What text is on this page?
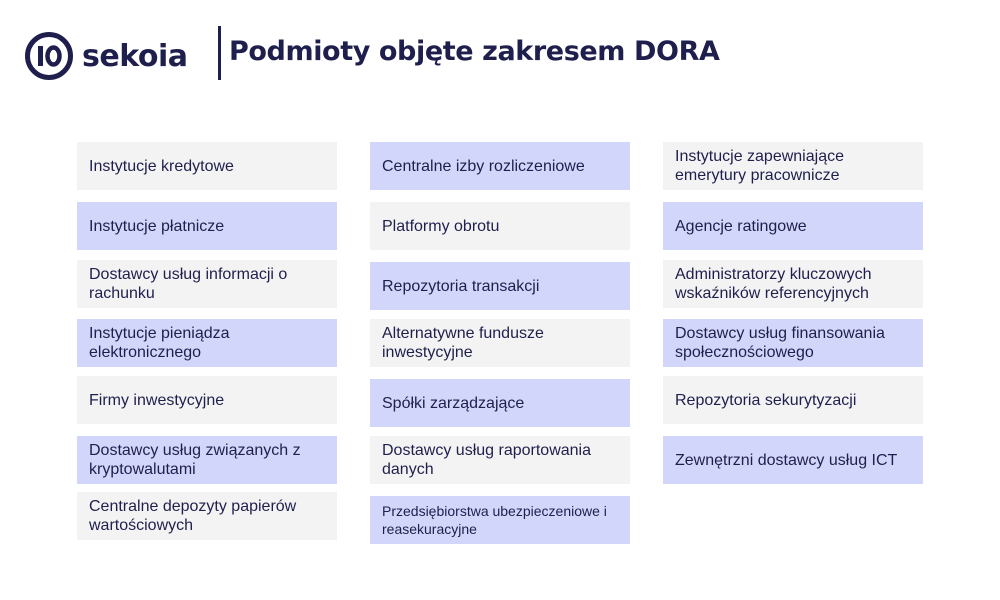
sekoia Podmioty objęte zakresem DORA
Instytucje kredytowe
Instytucje płatnicze
Dostawcy usług informacji o rachunku
Instytucje pieniądza elektronicznego
Firmy inwestycyjne
Dostawcy usług związanych z kryptowalutami
Centralne depozyty papierów wartościowych
Centralne izby rozliczeniowe
Platformy obrotu
Repozytoria transakcji
Alternatywne fundusze inwestycyjne
Spółki zarządzające
Dostawcy usług raportowania danych
Przedsiębiorstwa ubezpieczeniowe i reasekuracyjne
Instytucje zapewniające emerytury pracownicze
Agencje ratingowe
Administratorzy kluczowych wskaźników referencyjnych
Dostawcy usług finansowania społecznościowego
Repozytoria sekurytyzacji
Zewnętrzni dostawcy usług ICT
